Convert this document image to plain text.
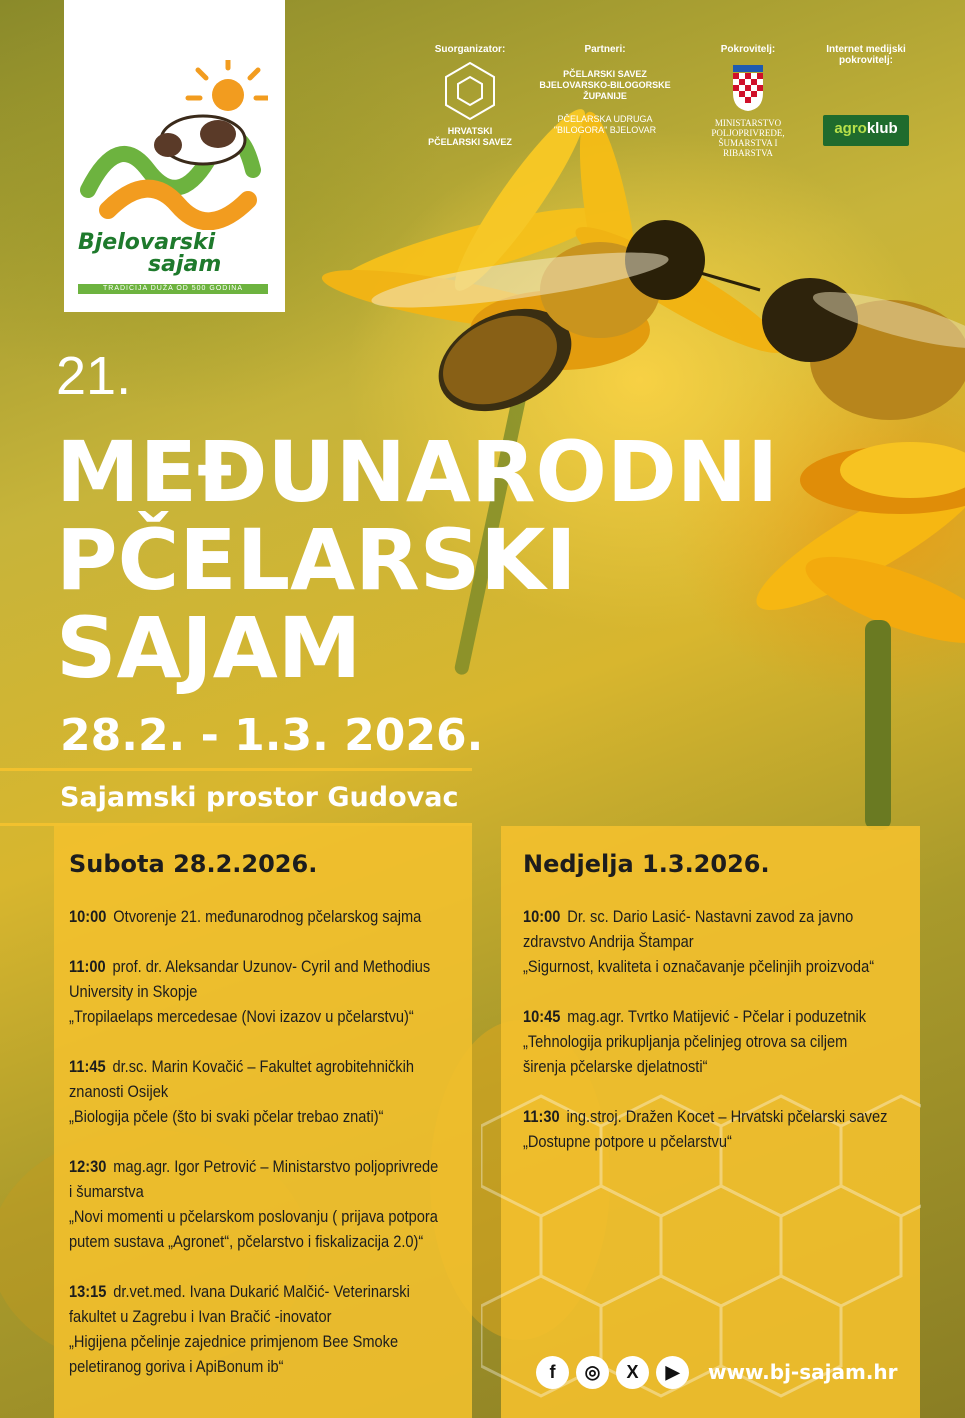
Bjelovarski
sajam
TRADICIJA DUŽA OD 500 GODINA
Suorganizator:
HRVATSKI PČELARSKI SAVEZ
Partneri:
PČELARSKI SAVEZ BJELOVARSKO-BILOGORSKE ŽUPANIJE
PČELARSKA UDRUGA "BILOGORA" BJELOVAR
Pokrovitelj:
MINISTARSTVO POLJOPRIVREDE, ŠUMARSTVA I RIBARSTVA
Internet medijski pokrovitelj:
agroklub
21.
MEĐUNARODNI
PČELARSKI
SAJAM
28.2. - 1.3. 2026.
Sajamski prostor Gudovac
Subota 28.2.2026.
10:00 Otvorenje 21. međunarodnog pčelarskog sajma
11:00 prof. dr. Aleksandar Uzunov- Cyril and Methodius
University in Skopje
„Tropilaelaps mercedesae (Novi izazov u pčelarstvu)“
11:45 dr.sc. Marin Kovačić – Fakultet agrobitehničkih
znanosti Osijek
„Biologija pčele (što bi svaki pčelar trebao znati)“
12:30 mag.agr. Igor Petrović – Ministarstvo poljoprivrede
i šumarstva
„Novi momenti u pčelarskom poslovanju ( prijava potpora
putem sustava „Agronet“, pčelarstvo i fiskalizacija 2.0)“
13:15 dr.vet.med. Ivana Dukarić Malčić- Veterinarski
fakultet u Zagrebu i Ivan Bračić -inovator
„Higijena pčelinje zajednice primjenom Bee Smoke
peletiranog goriva i ApiBonum ib“
Nedjelja 1.3.2026.
10:00 Dr. sc. Dario Lasić- Nastavni zavod za javno
zdravstvo Andrija Štampar
„Sigurnost, kvaliteta i označavanje pčelinjih proizvoda“
10:45 mag.agr. Tvrtko Matijević - Pčelar i poduzetnik
„Tehnologija prikupljanja pčelinjeg otrova sa ciljem
širenja pčelarske djelatnosti“
11:30 ing.stroj. Dražen Kocet – Hrvatski pčelarski savez
„Dostupne potpore u pčelarstvu“
f	◎	X	▶	www.bj-sajam.hr
